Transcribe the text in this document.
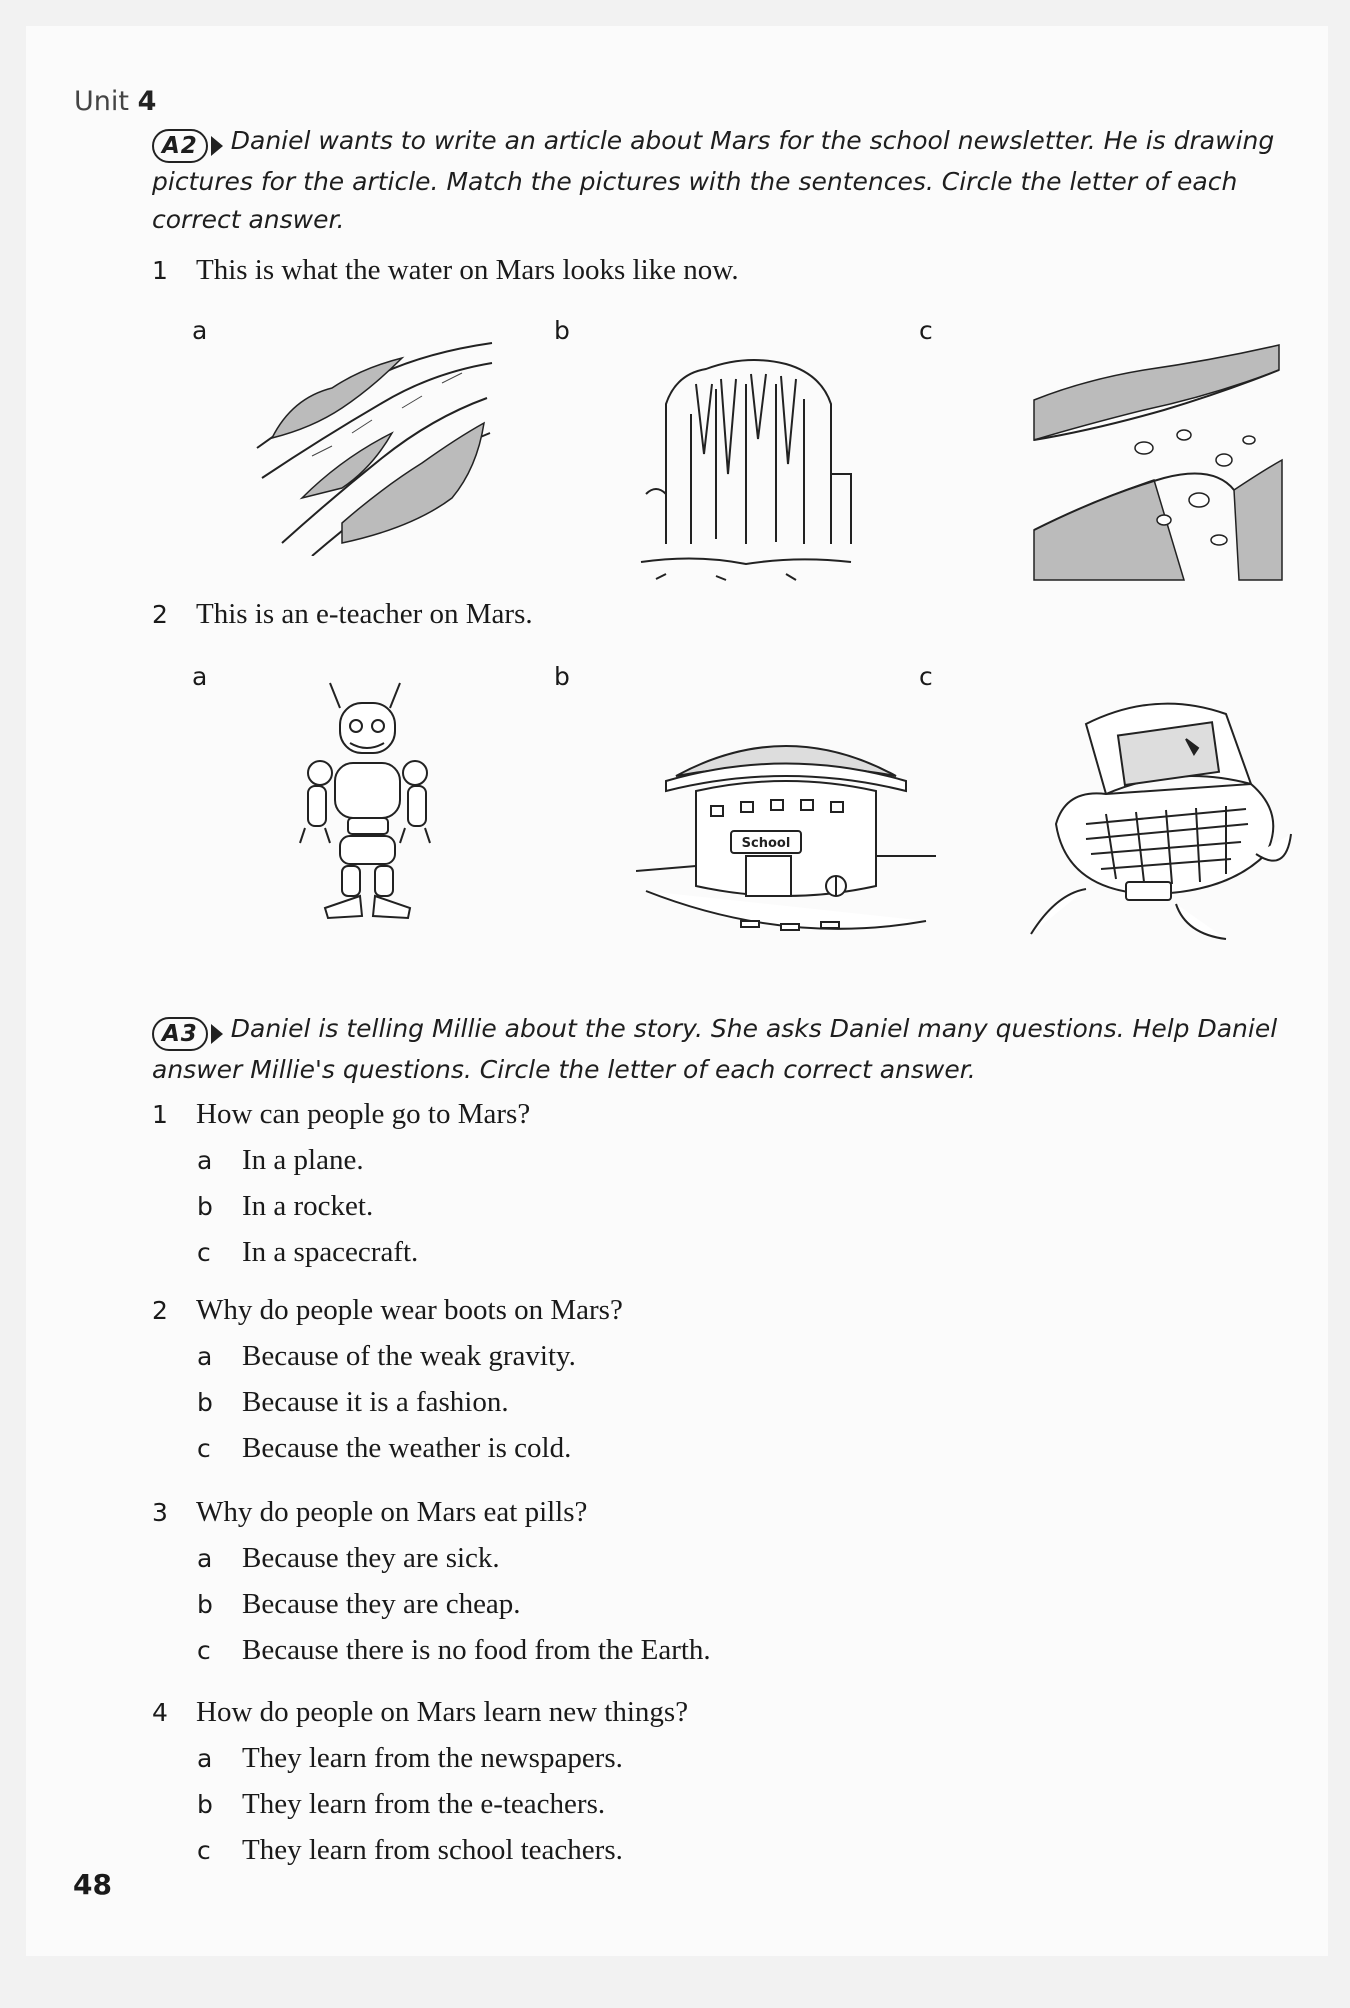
Unit 4
A2	Daniel wants to write an article about Mars for the school newsletter. He is drawing pictures for the article. Match the pictures with the sentences. Circle the letter of each correct answer.
1 This is what the water on Mars looks like now.
a	b	c
2 This is an e-teacher on Mars.
a	b	c
School
A3	Daniel is telling Millie about the story. She asks Daniel many questions. Help Daniel answer Millie's questions. Circle the letter of each correct answer.
1 How can people go to Mars?
a In a plane.
b In a rocket.
c In a spacecraft.
2 Why do people wear boots on Mars?
a Because of the weak gravity.
b Because it is a fashion.
c Because the weather is cold.
3 Why do people on Mars eat pills?
a Because they are sick.
b Because they are cheap.
c Because there is no food from the Earth.
4 How do people on Mars learn new things?
a They learn from the newspapers.
b They learn from the e-teachers.
c They learn from school teachers.
48
